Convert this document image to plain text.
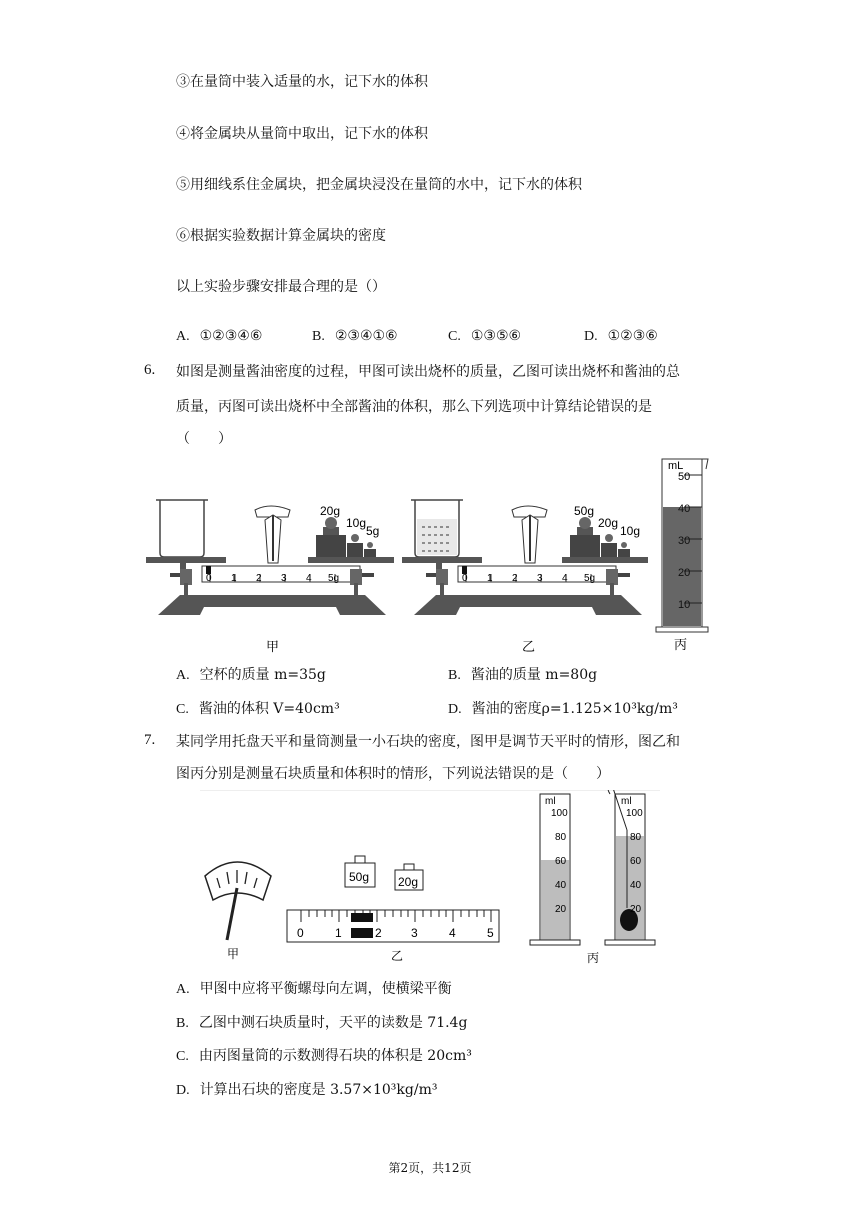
③在量筒中装入适量的水，记下水的体积
④将金属块从量筒中取出，记下水的体积
⑤用细线系住金属块，把金属块浸没在量筒的水中，记下水的体积
⑥根据实验数据计算金属块的密度
以上实验步骤安排最合理的是（）
A. ①②③④⑥	B. ②③④①⑥	C. ①③⑤⑥	D. ①②③⑥
6. 如图是测量酱油密度的过程，甲图可读出烧杯的质量，乙图可读出烧杯和酱油的总
质量，丙图可读出烧杯中全部酱油的体积，那么下列选项中计算结论错误的是
（　　）
20g
10g
5g
0 1 2 3 4 5g
甲
50g
20g
10g
0 1 2 3 4 5g
乙
mL
50
40
30
20
10
丙
A. 空杯的质量 m=35g	B. 酱油的质量 m=80g
C. 酱油的体积 V=40cm³	D. 酱油的密度ρ=1.125×10³kg/m³
7. 某同学用托盘天平和量筒测量一小石块的密度，图甲是调节天平时的情形，图乙和
图丙分别是测量石块质量和体积时的情形，下列说法错误的是（　　）
甲
50g 20g
0	1	2 3	4	5
乙
ml
100
80
60
40
20
ml
100
80
60
40
20
丙
A. 甲图中应将平衡螺母向左调，使横梁平衡
B. 乙图中测石块质量时，天平的读数是 71.4g
C. 由丙图量筒的示数测得石块的体积是 20cm³
D. 计算出石块的密度是 3.57×10³kg/m³
第2页，共12页
